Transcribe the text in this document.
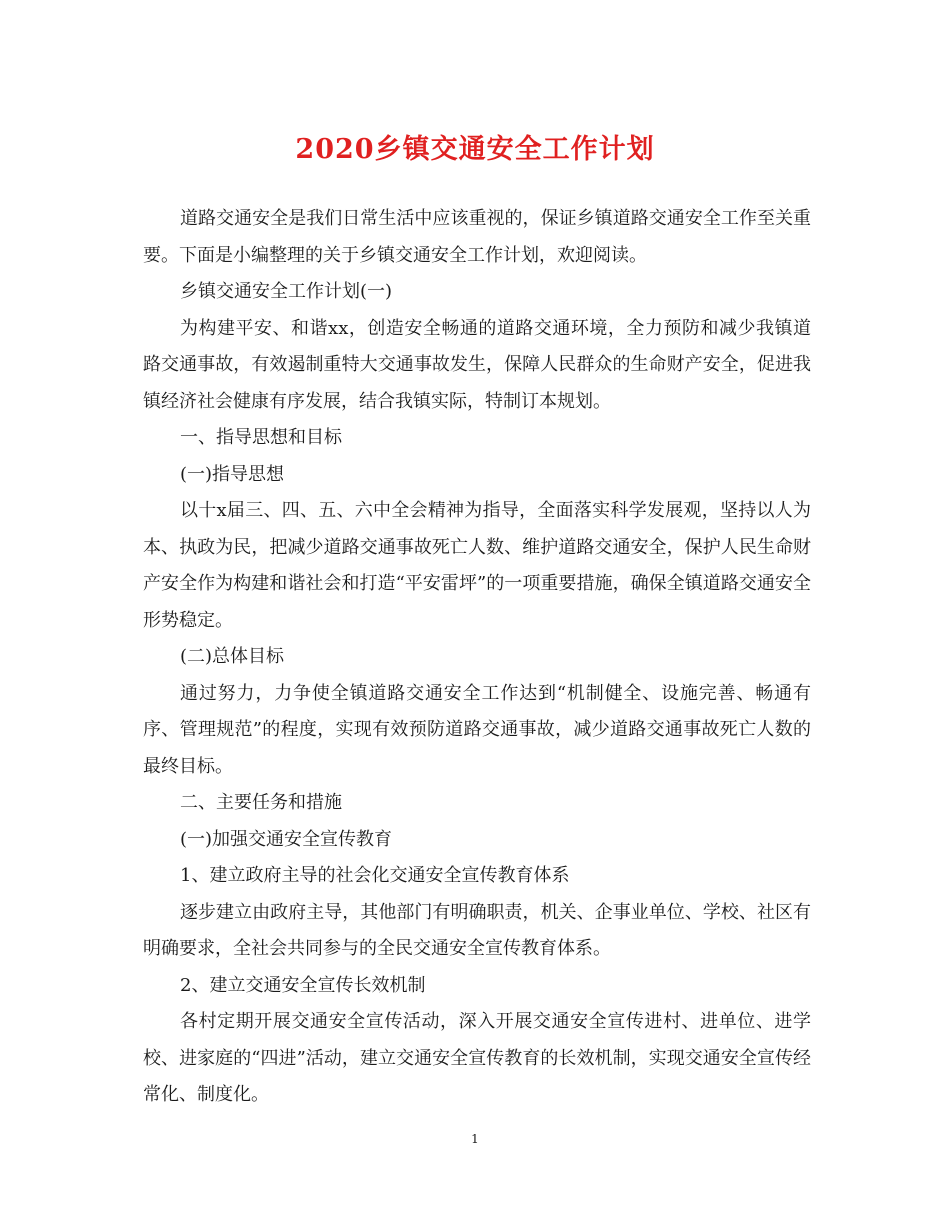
2020乡镇交通安全工作计划

道路交通安全是我们日常生活中应该重视的，保证乡镇道路交通安全工作至关重要。下面是小编整理的关于乡镇交通安全工作计划，欢迎阅读。

乡镇交通安全工作计划(一)

为构建平安、和谐xx，创造安全畅通的道路交通环境，全力预防和减少我镇道路交通事故，有效遏制重特大交通事故发生，保障人民群众的生命财产安全，促进我镇经济社会健康有序发展，结合我镇实际，特制订本规划。

一、指导思想和目标

(一)指导思想

以十x届三、四、五、六中全会精神为指导，全面落实科学发展观，坚持以人为本、执政为民，把减少道路交通事故死亡人数、维护道路交通安全，保护人民生命财产安全作为构建和谐社会和打造“平安雷坪”的一项重要措施，确保全镇道路交通安全形势稳定。

(二)总体目标

通过努力，力争使全镇道路交通安全工作达到“机制健全、设施完善、畅通有序、管理规范”的程度，实现有效预防道路交通事故，减少道路交通事故死亡人数的最终目标。

二、主要任务和措施

(一)加强交通安全宣传教育

1、建立政府主导的社会化交通安全宣传教育体系

逐步建立由政府主导，其他部门有明确职责，机关、企事业单位、学校、社区有明确要求，全社会共同参与的全民交通安全宣传教育体系。

2、建立交通安全宣传长效机制

各村定期开展交通安全宣传活动，深入开展交通安全宣传进村、进单位、进学校、进家庭的“四进”活动，建立交通安全宣传教育的长效机制，实现交通安全宣传经常化、制度化。

1
